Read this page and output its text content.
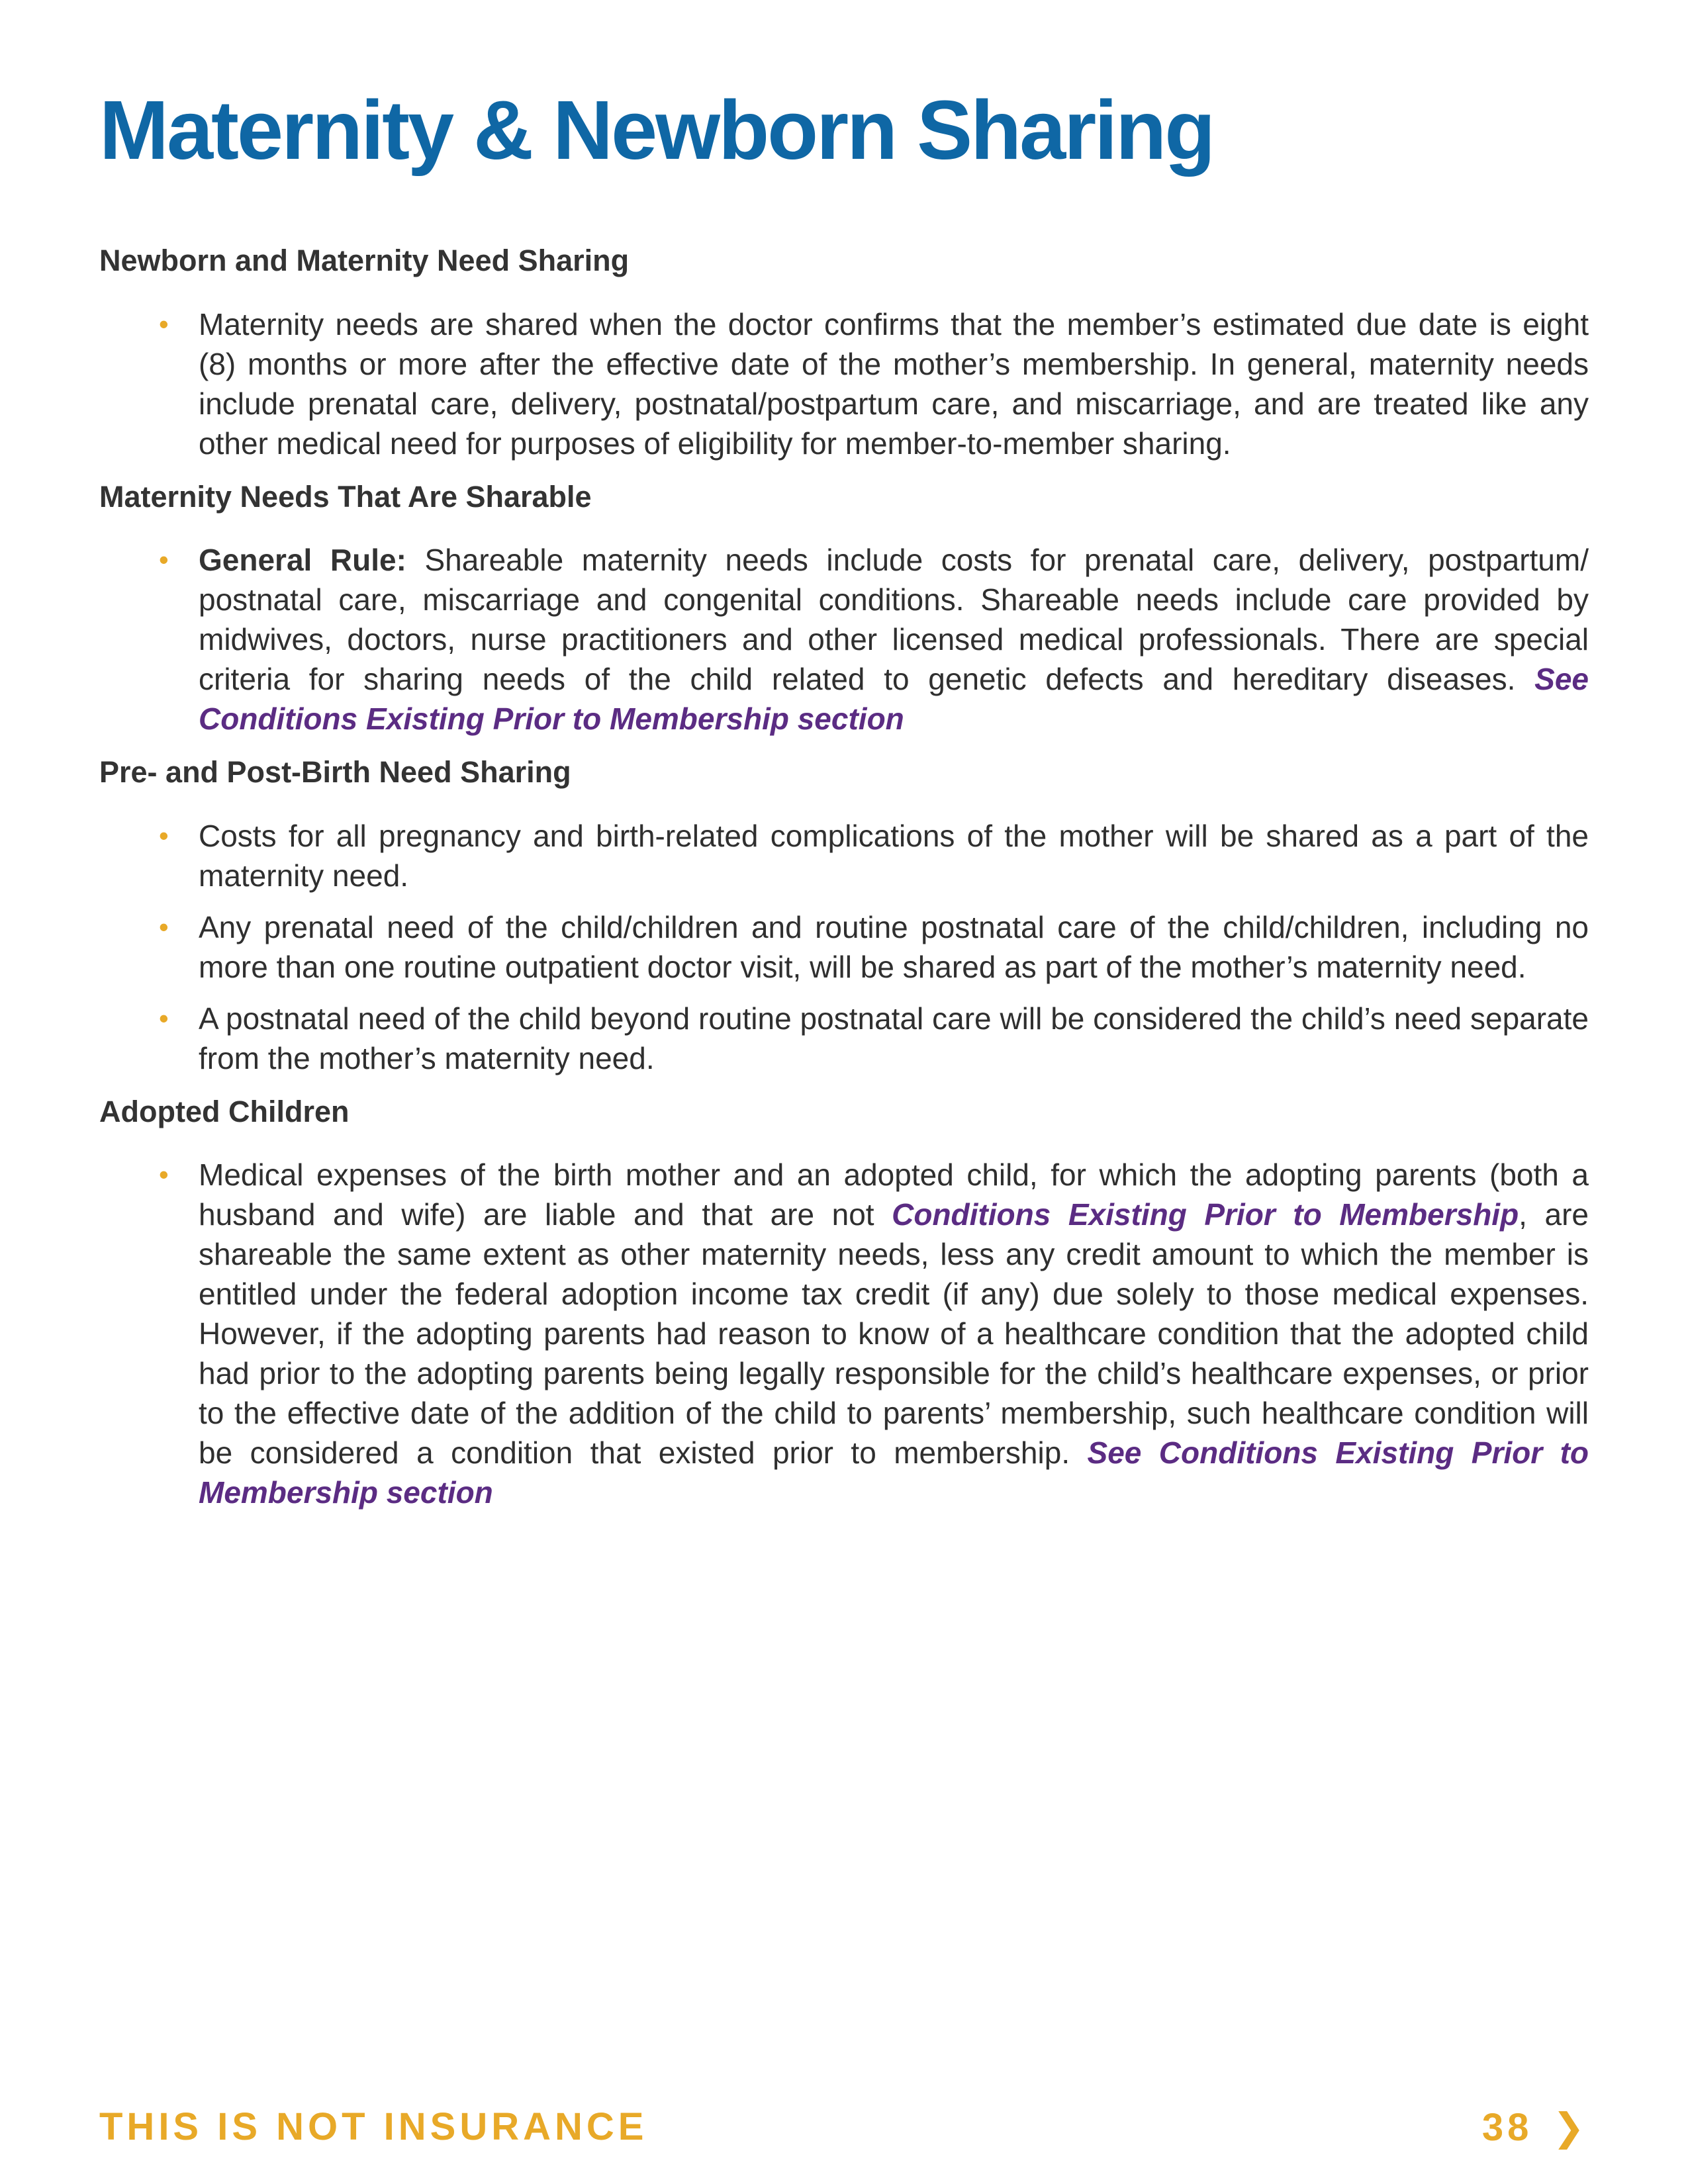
Maternity & Newborn Sharing
Newborn and Maternity Need Sharing
• Maternity needs are shared when the doctor confirms that the member’s estimated due date is eight (8) months or more after the effective date of the mother’s membership. In general, maternity needs include prenatal care, delivery, postnatal/postpartum care, and miscarriage, and are treated like any other medical need for purposes of eligibility for member-to-member sharing.
Maternity Needs That Are Sharable
• General Rule: Shareable maternity needs include costs for prenatal care, delivery, postpartum/ postnatal care, miscarriage and congenital conditions. Shareable needs include care provided by midwives, doctors, nurse practitioners and other licensed medical professionals. There are special criteria for sharing needs of the child related to genetic defects and hereditary diseases. See Conditions Existing Prior to Membership section
Pre- and Post-Birth Need Sharing
• Costs for all pregnancy and birth-related complications of the mother will be shared as a part of the maternity need.
• Any prenatal need of the child/children and routine postnatal care of the child/children, including no more than one routine outpatient doctor visit, will be shared as part of the mother’s maternity need.
• A postnatal need of the child beyond routine postnatal care will be considered the child’s need separate from the mother’s maternity need.
Adopted Children
• Medical expenses of the birth mother and an adopted child, for which the adopting parents (both a husband and wife) are liable and that are not Conditions Existing Prior to Membership, are shareable the same extent as other maternity needs, less any credit amount to which the member is entitled under the federal adoption income tax credit (if any) due solely to those medical expenses. However, if the adopting parents had reason to know of a healthcare condition that the adopted child had prior to the adopting parents being legally responsible for the child’s healthcare expenses, or prior to the effective date of the addition of the child to parents’ membership, such healthcare condition will be considered a condition that existed prior to membership. See Conditions Existing Prior to Membership section
THIS IS NOT INSURANCE	38 ❯
